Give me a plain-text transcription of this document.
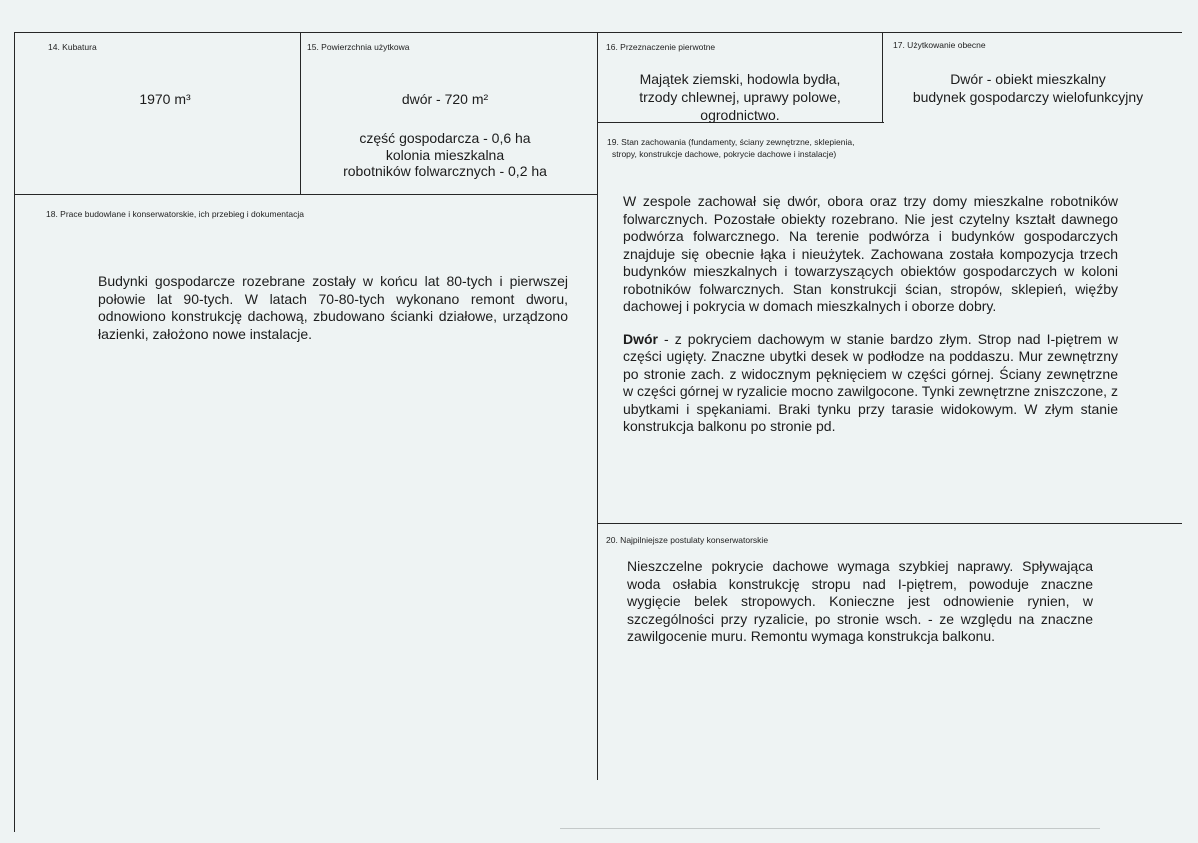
14. Kubatura
1970 m³
15. Powierzchnia użytkowa
dwór - 720 m²
część gospodarcza - 0,6 ha
kolonia mieszkalna
robotników folwarcznych - 0,2 ha
16. Przeznaczenie pierwotne
Majątek ziemski, hodowla bydła,
trzody chlewnej, uprawy polowe,
ogrodnictwo.
17. Użytkowanie obecne
Dwór - obiekt mieszkalny
budynek gospodarczy wielofunkcyjny
18. Prace budowlane i konserwatorskie, ich przebieg i dokumentacja
Budynki gospodarcze rozebrane zostały w końcu lat 80-tych i pierwszej połowie lat 90-tych. W latach 70-80-tych wykonano remont dworu, odnowiono konstrukcję dachową, zbudowano ścianki działowe, urządzono łazienki, założono nowe instalacje.
19. Stan zachowania (fundamenty, ściany zewnętrzne, sklepienia,
stropy, konstrukcje dachowe, pokrycie dachowe i instalacje)

W zespole zachował się dwór, obora oraz trzy domy mieszkalne robotników folwarcznych. Pozostałe obiekty rozebrano. Nie jest czytelny kształt dawnego podwórza folwarcznego. Na terenie podwórza i budynków gospodarczych znajduje się obecnie łąka i nieużytek. Zachowana została kompozycja trzech budynków mieszkalnych i towarzyszących obiektów gospodarczych w koloni robotników folwarcznych. Stan konstrukcji ścian, stropów, sklepień, więźby dachowej i pokrycia w domach mieszkalnych i oborze dobry.

Dwór - z pokryciem dachowym w stanie bardzo złym. Strop nad I-piętrem w części ugięty. Znaczne ubytki desek w podłodze na poddaszu. Mur zewnętrzny po stronie zach. z widocznym pęknięciem w części górnej. Ściany zewnętrzne w części górnej w ryzalicie mocno zawilgocone. Tynki zewnętrzne zniszczone, z ubytkami i spękaniami. Braki tynku przy tarasie widokowym. W złym stanie konstrukcja balkonu po stronie pd.

20. Najpilniejsze postulaty konserwatorskie
Nieszczelne pokrycie dachowe wymaga szybkiej naprawy. Spływająca woda osłabia konstrukcję stropu nad I-piętrem, powoduje znaczne wygięcie belek stropowych. Konieczne jest odnowienie rynien, w szczególności przy ryzalicie, po stronie wsch. - ze względu na znaczne zawilgocenie muru. Remontu wymaga konstrukcja balkonu.
